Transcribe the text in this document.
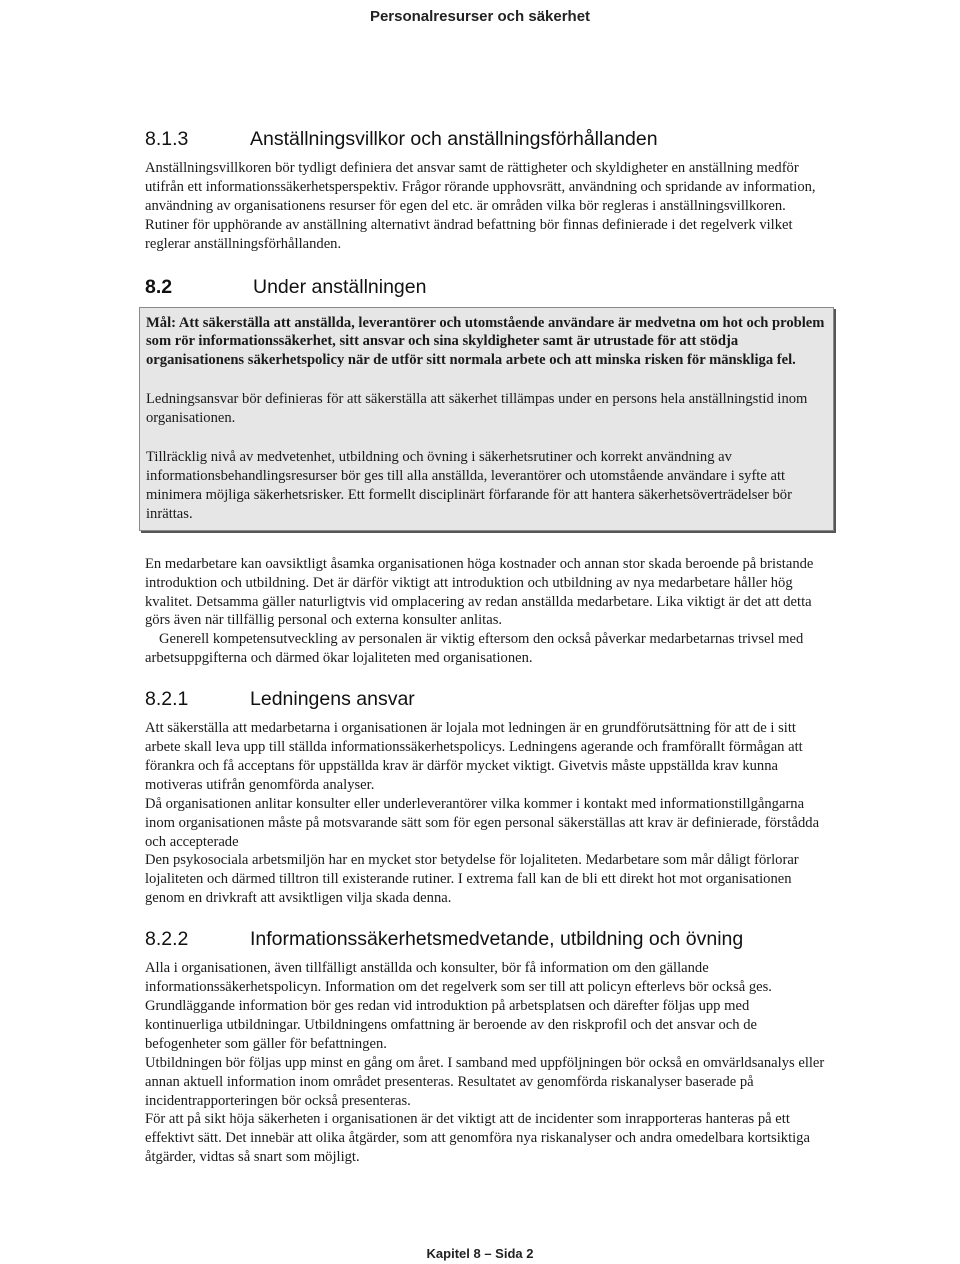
Personalresurser och säkerhet
8.1.3	Anställningsvillkor och anställningsförhållanden

Anställningsvillkoren bör tydligt definiera det ansvar samt de rättigheter och skyldigheter en anställning medför utifrån ett informationssäkerhetsperspektiv. Frågor rörande upphovsrätt, användning och spridande av information, användning av organisationens resurser för egen del etc. är områden vilka bör regleras i anställningsvillkoren.

Rutiner för upphörande av anställning alternativt ändrad befattning bör finnas definierade i det regelverk vilket reglerar anställningsförhållanden.

8.2	Under anställningen

Mål: Att säkerställa att anställda, leverantörer och utomstående användare är medvetna om hot och problem som rör informationssäkerhet, sitt ansvar och sina skyldigheter samt är utrustade för att stödja organisationens säkerhetspolicy när de utför sitt normala arbete och att minska risken för mänskliga fel.

Ledningsansvar bör definieras för att säkerställa att säkerhet tillämpas under en persons hela anställningstid inom organisationen.

Tillräcklig nivå av medvetenhet, utbildning och övning i säkerhetsrutiner och korrekt användning av informationsbehandlingsresurser bör ges till alla anställda, leverantörer och utomstående användare i syfte att minimera möjliga säkerhetsrisker. Ett formellt disciplinärt förfarande för att hantera säkerhetsöverträdelser bör inrättas.

En medarbetare kan oavsiktligt åsamka organisationen höga kostnader och annan stor skada beroende på bristande introduktion och utbildning. Det är därför viktigt att introduktion och utbildning av nya medarbetare håller hög kvalitet. Detsamma gäller naturligtvis vid omplacering av redan anställda medarbetare. Lika viktigt är det att detta görs även när tillfällig personal och externa konsulter anlitas.

Generell kompetensutveckling av personalen är viktig eftersom den också påverkar medarbetarnas trivsel med arbetsuppgifterna och därmed ökar lojaliteten med organisationen.

8.2.1	Ledningens ansvar

Att säkerställa att medarbetarna i organisationen är lojala mot ledningen är en grundförutsättning för att de i sitt arbete skall leva upp till ställda informationssäkerhetspolicys. Ledningens agerande och framförallt förmågan att förankra och få acceptans för uppställda krav är därför mycket viktigt. Givetvis måste uppställda krav kunna motiveras utifrån genomförda analyser.

Då organisationen anlitar konsulter eller underleverantörer vilka kommer i kontakt med informationstillgångarna inom organisationen måste på motsvarande sätt som för egen personal säkerställas att krav är definierade, förstådda och accepterade

Den psykosociala arbetsmiljön har en mycket stor betydelse för lojaliteten. Medarbetare som mår dåligt förlorar lojaliteten och därmed tilltron till existerande rutiner. I extrema fall kan de bli ett direkt hot mot organisationen genom en drivkraft att avsiktligen vilja skada denna.

8.2.2	Informationssäkerhetsmedvetande, utbildning och övning

Alla i organisationen, även tillfälligt anställda och konsulter, bör få information om den gällande informationssäkerhetspolicyn. Information om det regelverk som ser till att policyn efterlevs bör också ges.

Grundläggande information bör ges redan vid introduktion på arbetsplatsen och därefter följas upp med kontinuerliga utbildningar. Utbildningens omfattning är beroende av den riskprofil och det ansvar och de befogenheter som gäller för befattningen.

Utbildningen bör följas upp minst en gång om året. I samband med uppföljningen bör också en omvärldsanalys eller annan aktuell information inom området presenteras. Resultatet av genomförda riskanalyser baserade på incidentrapporteringen bör också presenteras.

För att på sikt höja säkerheten i organisationen är det viktigt att de incidenter som inrapporteras hanteras på ett effektivt sätt. Det innebär att olika åtgärder, som att genomföra nya riskanalyser och andra omedelbara kortsiktiga åtgärder, vidtas så snart som möjligt.

Kapitel 8 – Sida 2
